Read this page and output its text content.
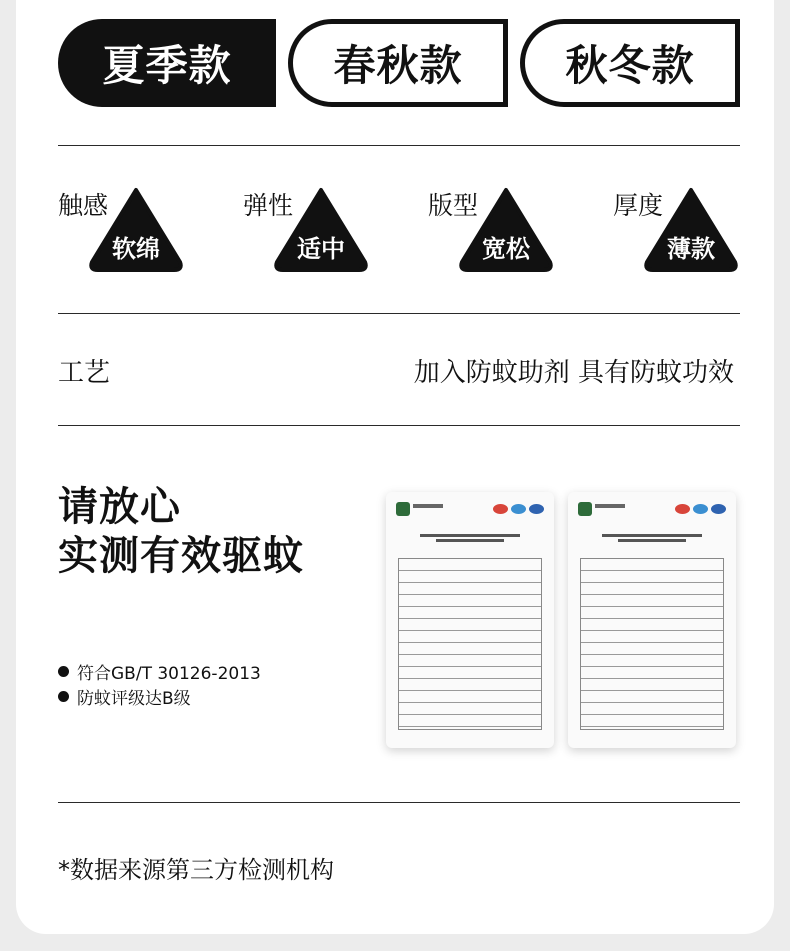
夏季款	春秋款	秋冬款
触感
软绵
弹性
适中
版型
宽松
厚度
薄款
工艺	加入防蚊助剂 具有防蚊功效
请放心
实测有效驱蚊
符合GB/T 30126-2013
防蚊评级达B级
*数据来源第三方检测机构
